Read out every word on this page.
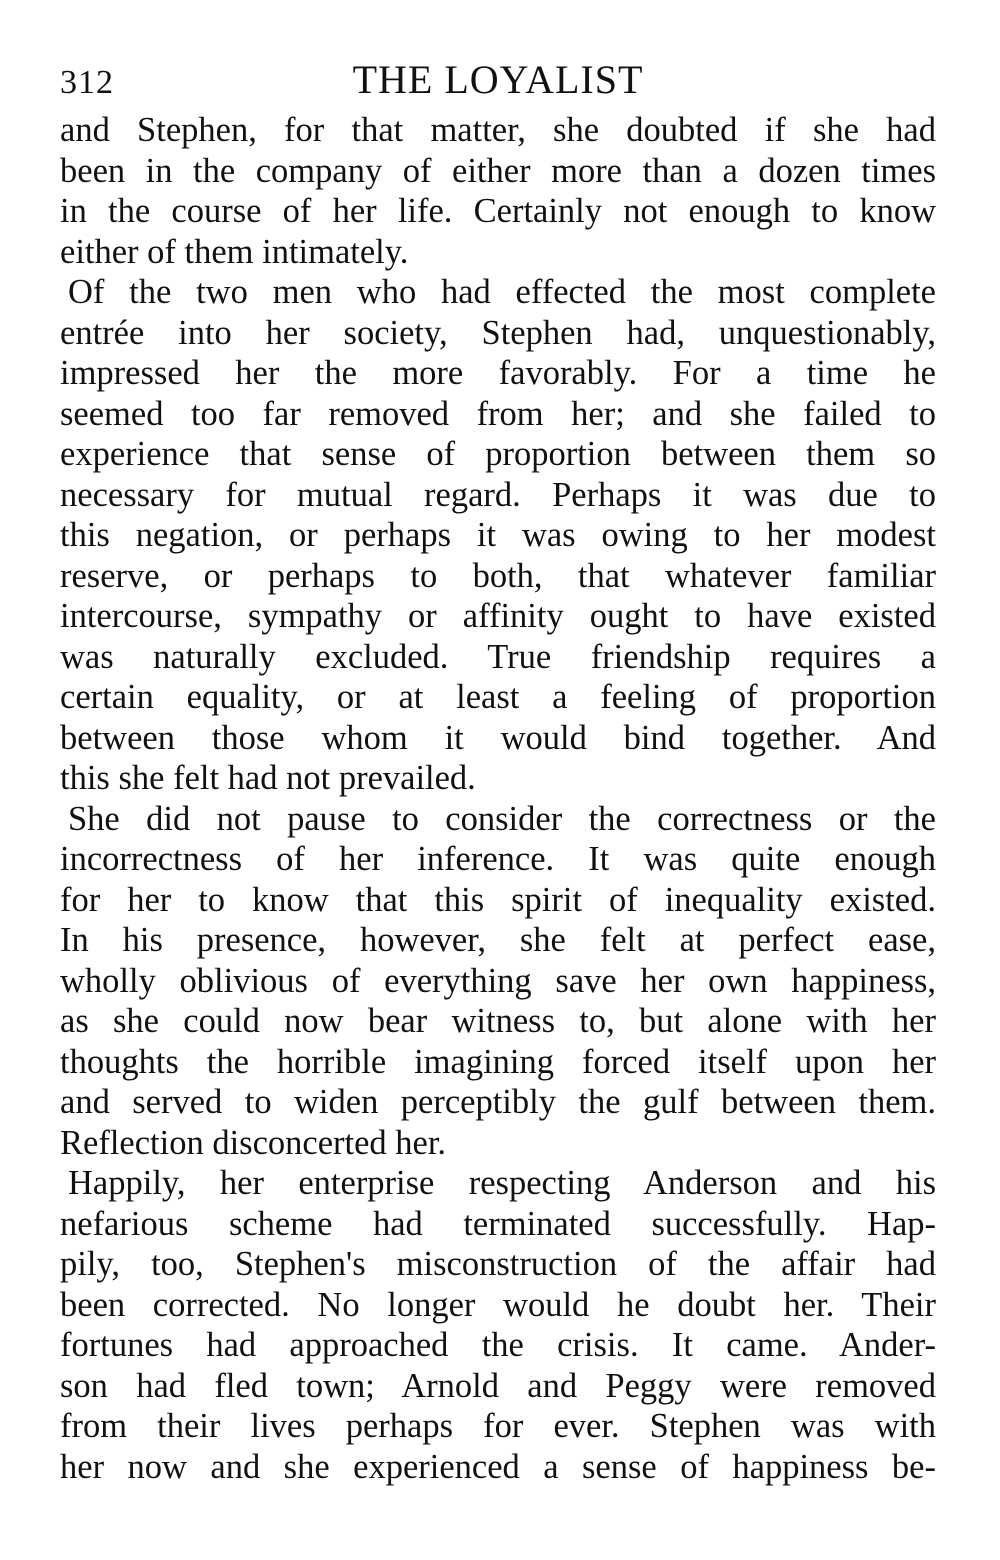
312	THE LOYALIST

and Stephen, for that matter, she doubted if she had

been in the company of either more than a dozen times

in the course of her life. Certainly not enough to know

either of them intimately.

Of the two men who had effected the most complete

entrée into her society, Stephen had, unquestionably,

impressed her the more favorably. For a time he

seemed too far removed from her; and she failed to

experience that sense of proportion between them so

necessary for mutual regard. Perhaps it was due to

this negation, or perhaps it was owing to her modest

reserve, or perhaps to both, that whatever familiar

intercourse, sympathy or affinity ought to have existed

was naturally excluded. True friendship requires a

certain equality, or at least a feeling of proportion

between those whom it would bind together. And

this she felt had not prevailed.

She did not pause to consider the correctness or the

incorrectness of her inference. It was quite enough

for her to know that this spirit of inequality existed.

In his presence, however, she felt at perfect ease,

wholly oblivious of everything save her own happiness,

as she could now bear witness to, but alone with her

thoughts the horrible imagining forced itself upon her

and served to widen perceptibly the gulf between them.

Reflection disconcerted her.

Happily, her enterprise respecting Anderson and his

nefarious scheme had terminated successfully. Hap-

pily, too, Stephen's misconstruction of the affair had

been corrected. No longer would he doubt her. Their

fortunes had approached the crisis. It came. Ander-

son had fled town; Arnold and Peggy were removed

from their lives perhaps for ever. Stephen was with

her now and she experienced a sense of happiness be-
